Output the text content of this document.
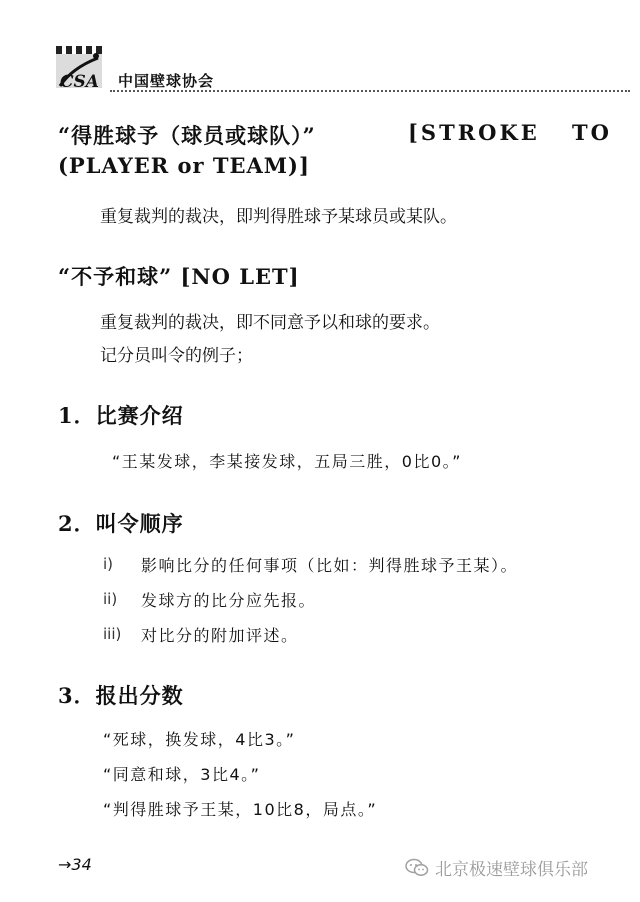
CSA 中国壁球协会
“得胜球予（球员或球队）”	[STROKE TO
(PLAYER or TEAM)]
重复裁判的裁决，即判得胜球予某球员或某队。
“不予和球” [NO LET]
重复裁判的裁决，即不同意予以和球的要求。
记分员叫令的例子；
1．比赛介绍
“王某发球，李某接发球，五局三胜，0比0。”
2．叫令顺序
i) 影响比分的任何事项（比如：判得胜球予王某）。
ii) 发球方的比分应先报。
iii) 对比分的附加评述。
3．报出分数
“死球，换发球，4比3。”
“同意和球，3比4。”
“判得胜球予王某，10比8，局点。”
→34	北京极速壁球俱乐部
